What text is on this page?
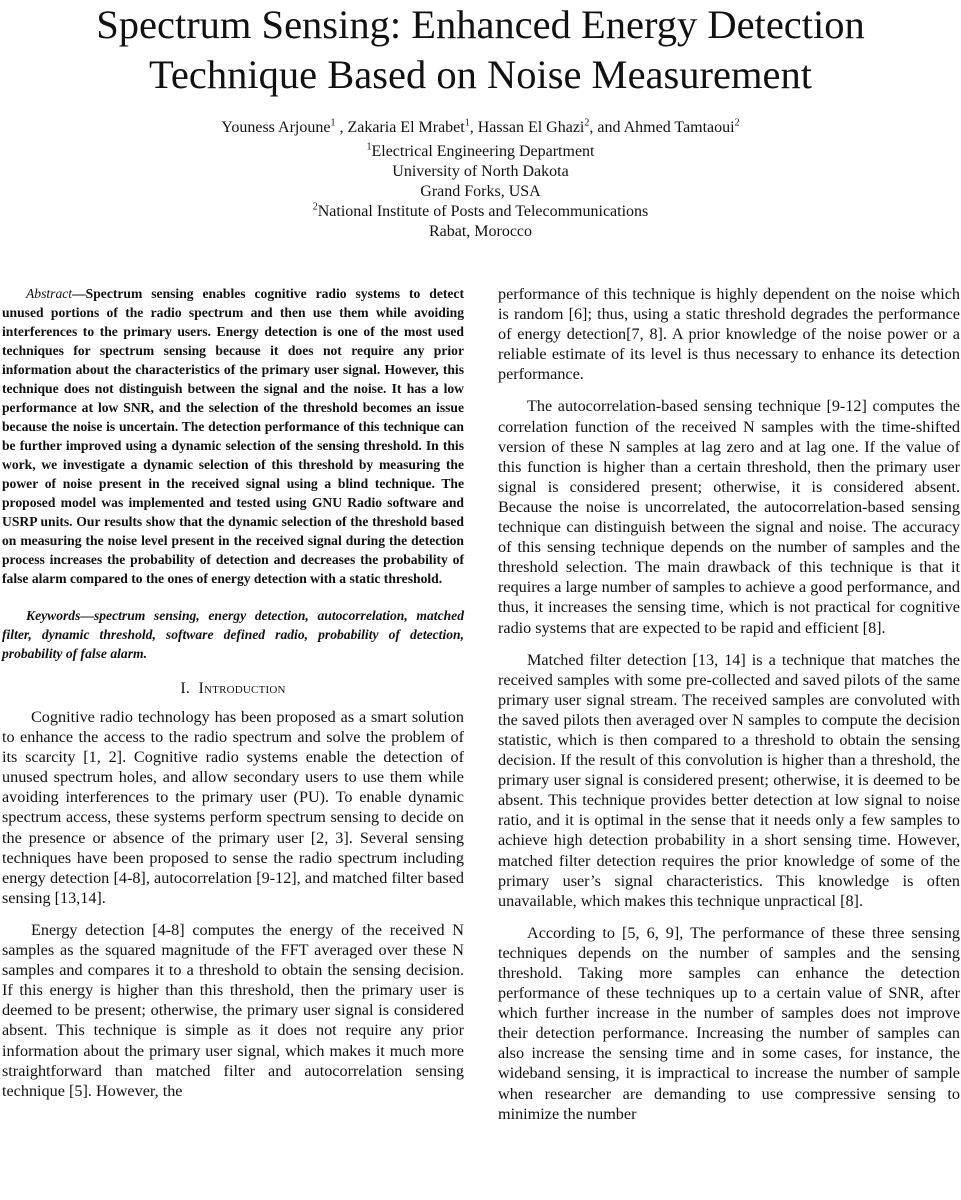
Spectrum Sensing: Enhanced Energy Detection
Technique Based on Noise Measurement
Youness Arjoune$^1$ , Zakaria El Mrabet$^1$, Hassan El Ghazi$^2$, and Ahmed Tamtaoui$^2$
$^1$Electrical Engineering Department
University of North Dakota
Grand Forks, USA
$^2$National Institute of Posts and Telecommunications
Rabat, Morocco

Abstract—Spectrum sensing enables cognitive radio systems to detect unused portions of the radio spectrum and then use them while avoiding interferences to the primary users. Energy detection is one of the most used techniques for spectrum sensing because it does not require any prior information about the characteristics of the primary user signal. However, this technique does not distinguish between the signal and the noise. It has a low performance at low SNR, and the selection of the threshold becomes an issue because the noise is uncertain. The detection performance of this technique can be further improved using a dynamic selection of the sensing threshold. In this work, we investigate a dynamic selection of this threshold by measuring the power of noise present in the received signal using a blind technique. The proposed model was implemented and tested using GNU Radio software and USRP units. Our results show that the dynamic selection of the threshold based on measuring the noise level present in the received signal during the detection process increases the probability of detection and decreases the probability of false alarm compared to the ones of energy detection with a static threshold.

Keywords—spectrum sensing, energy detection, autocorrelation, matched filter, dynamic threshold, software defined radio, probability of detection, probability of false alarm.

I. Introduction

Cognitive radio technology has been proposed as a smart solution to enhance the access to the radio spectrum and solve the problem of its scarcity [1, 2]. Cognitive radio systems enable the detection of unused spectrum holes, and allow secondary users to use them while avoiding interferences to the primary user (PU). To enable dynamic spectrum access, these systems perform spectrum sensing to decide on the presence or absence of the primary user [2, 3]. Several sensing techniques have been proposed to sense the radio spectrum including energy detection [4-8], autocorrelation [9-12], and matched filter based sensing [13,14].

Energy detection [4-8] computes the energy of the received N samples as the squared magnitude of the FFT averaged over these N samples and compares it to a threshold to obtain the sensing decision. If this energy is higher than this threshold, then the primary user is deemed to be present; otherwise, the primary user signal is considered absent. This technique is simple as it does not require any prior information about the primary user signal, which makes it much more straightforward than matched filter and autocorrelation sensing technique [5]. However, the

performance of this technique is highly dependent on the noise which is random [6]; thus, using a static threshold degrades the performance of energy detection[7, 8]. A prior knowledge of the noise power or a reliable estimate of its level is thus necessary to enhance its detection performance.

The autocorrelation-based sensing technique [9-12] computes the correlation function of the received N samples with the time-shifted version of these N samples at lag zero and at lag one. If the value of this function is higher than a certain threshold, then the primary user signal is considered present; otherwise, it is considered absent. Because the noise is uncorrelated, the autocorrelation-based sensing technique can distinguish between the signal and noise. The accuracy of this sensing technique depends on the number of samples and the threshold selection. The main drawback of this technique is that it requires a large number of samples to achieve a good performance, and thus, it increases the sensing time, which is not practical for cognitive radio systems that are expected to be rapid and efficient [8].

Matched filter detection [13, 14] is a technique that matches the received samples with some pre-collected and saved pilots of the same primary user signal stream. The received samples are convoluted with the saved pilots then averaged over N samples to compute the decision statistic, which is then compared to a threshold to obtain the sensing decision. If the result of this convolution is higher than a threshold, the primary user signal is considered present; otherwise, it is deemed to be absent. This technique provides better detection at low signal to noise ratio, and it is optimal in the sense that it needs only a few samples to achieve high detection probability in a short sensing time. However, matched filter detection requires the prior knowledge of some of the primary user’s signal characteristics. This knowledge is often unavailable, which makes this technique unpractical [8].

According to [5, 6, 9], The performance of these three sensing techniques depends on the number of samples and the sensing threshold. Taking more samples can enhance the detection performance of these techniques up to a certain value of SNR, after which further increase in the number of samples does not improve their detection performance. Increasing the number of samples can also increase the sensing time and in some cases, for instance, the wideband sensing, it is impractical to increase the number of sample when researcher are demanding to use compressive sensing to minimize the number
